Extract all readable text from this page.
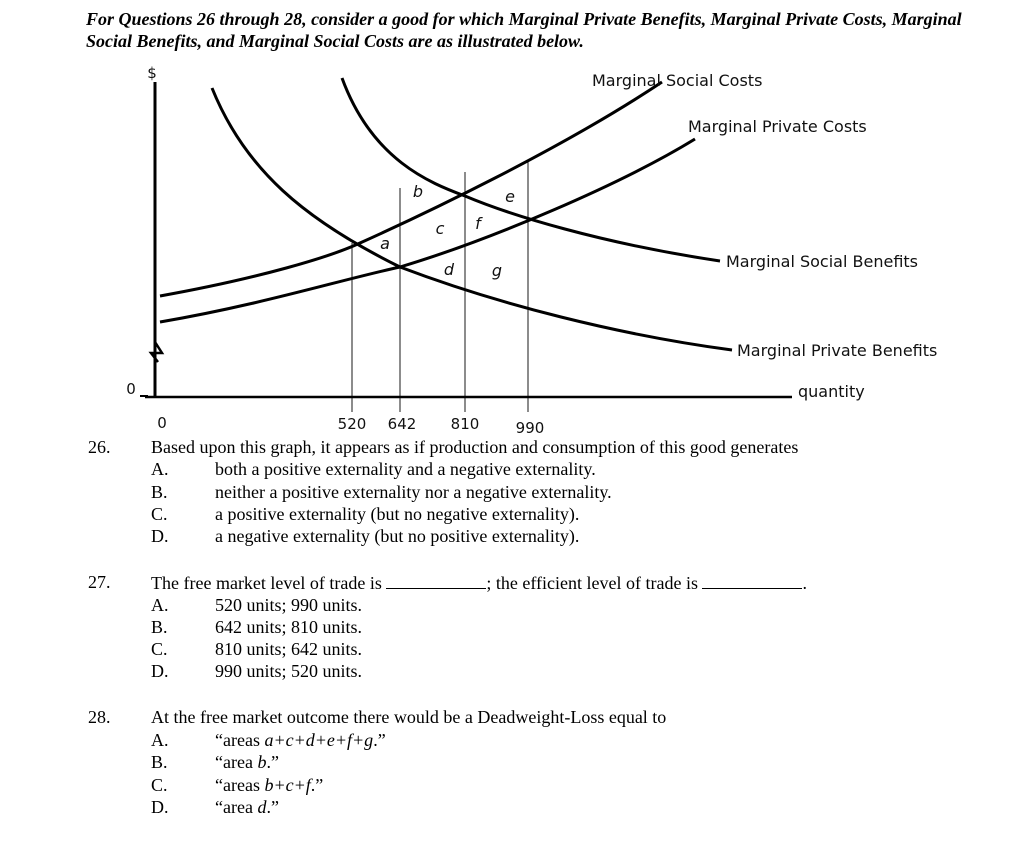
For Questions 26 through 28, consider a good for which Marginal Private Benefits, Marginal Private Costs, Marginal Social Benefits, and Marginal Social Costs are as illustrated below.
$
0
0
quantity
520 642 810 990
Marginal Social Costs
Marginal Private Costs
Marginal Social Benefits
Marginal Private Benefits
a
b
c
d
e
f
g
26. Based upon this graph, it appears as if production and consumption of this good generates
A.	both a positive externality and a negative externality.
B.	neither a positive externality nor a negative externality.
C.	a positive externality (but no negative externality).
D.	a negative externality (but no positive externality).
27. The free market level of trade is	; the efficient level of trade is	.
A.	520 units; 990 units.
B.	642 units; 810 units.
C.	810 units; 642 units.
D.	990 units; 520 units.
28. At the free market outcome there would be a Deadweight-Loss equal to
A.	“areas a+c+d+e+f+g.”
B.	“area b.”
C.	“areas b+c+f.”
D.	“area d.”
